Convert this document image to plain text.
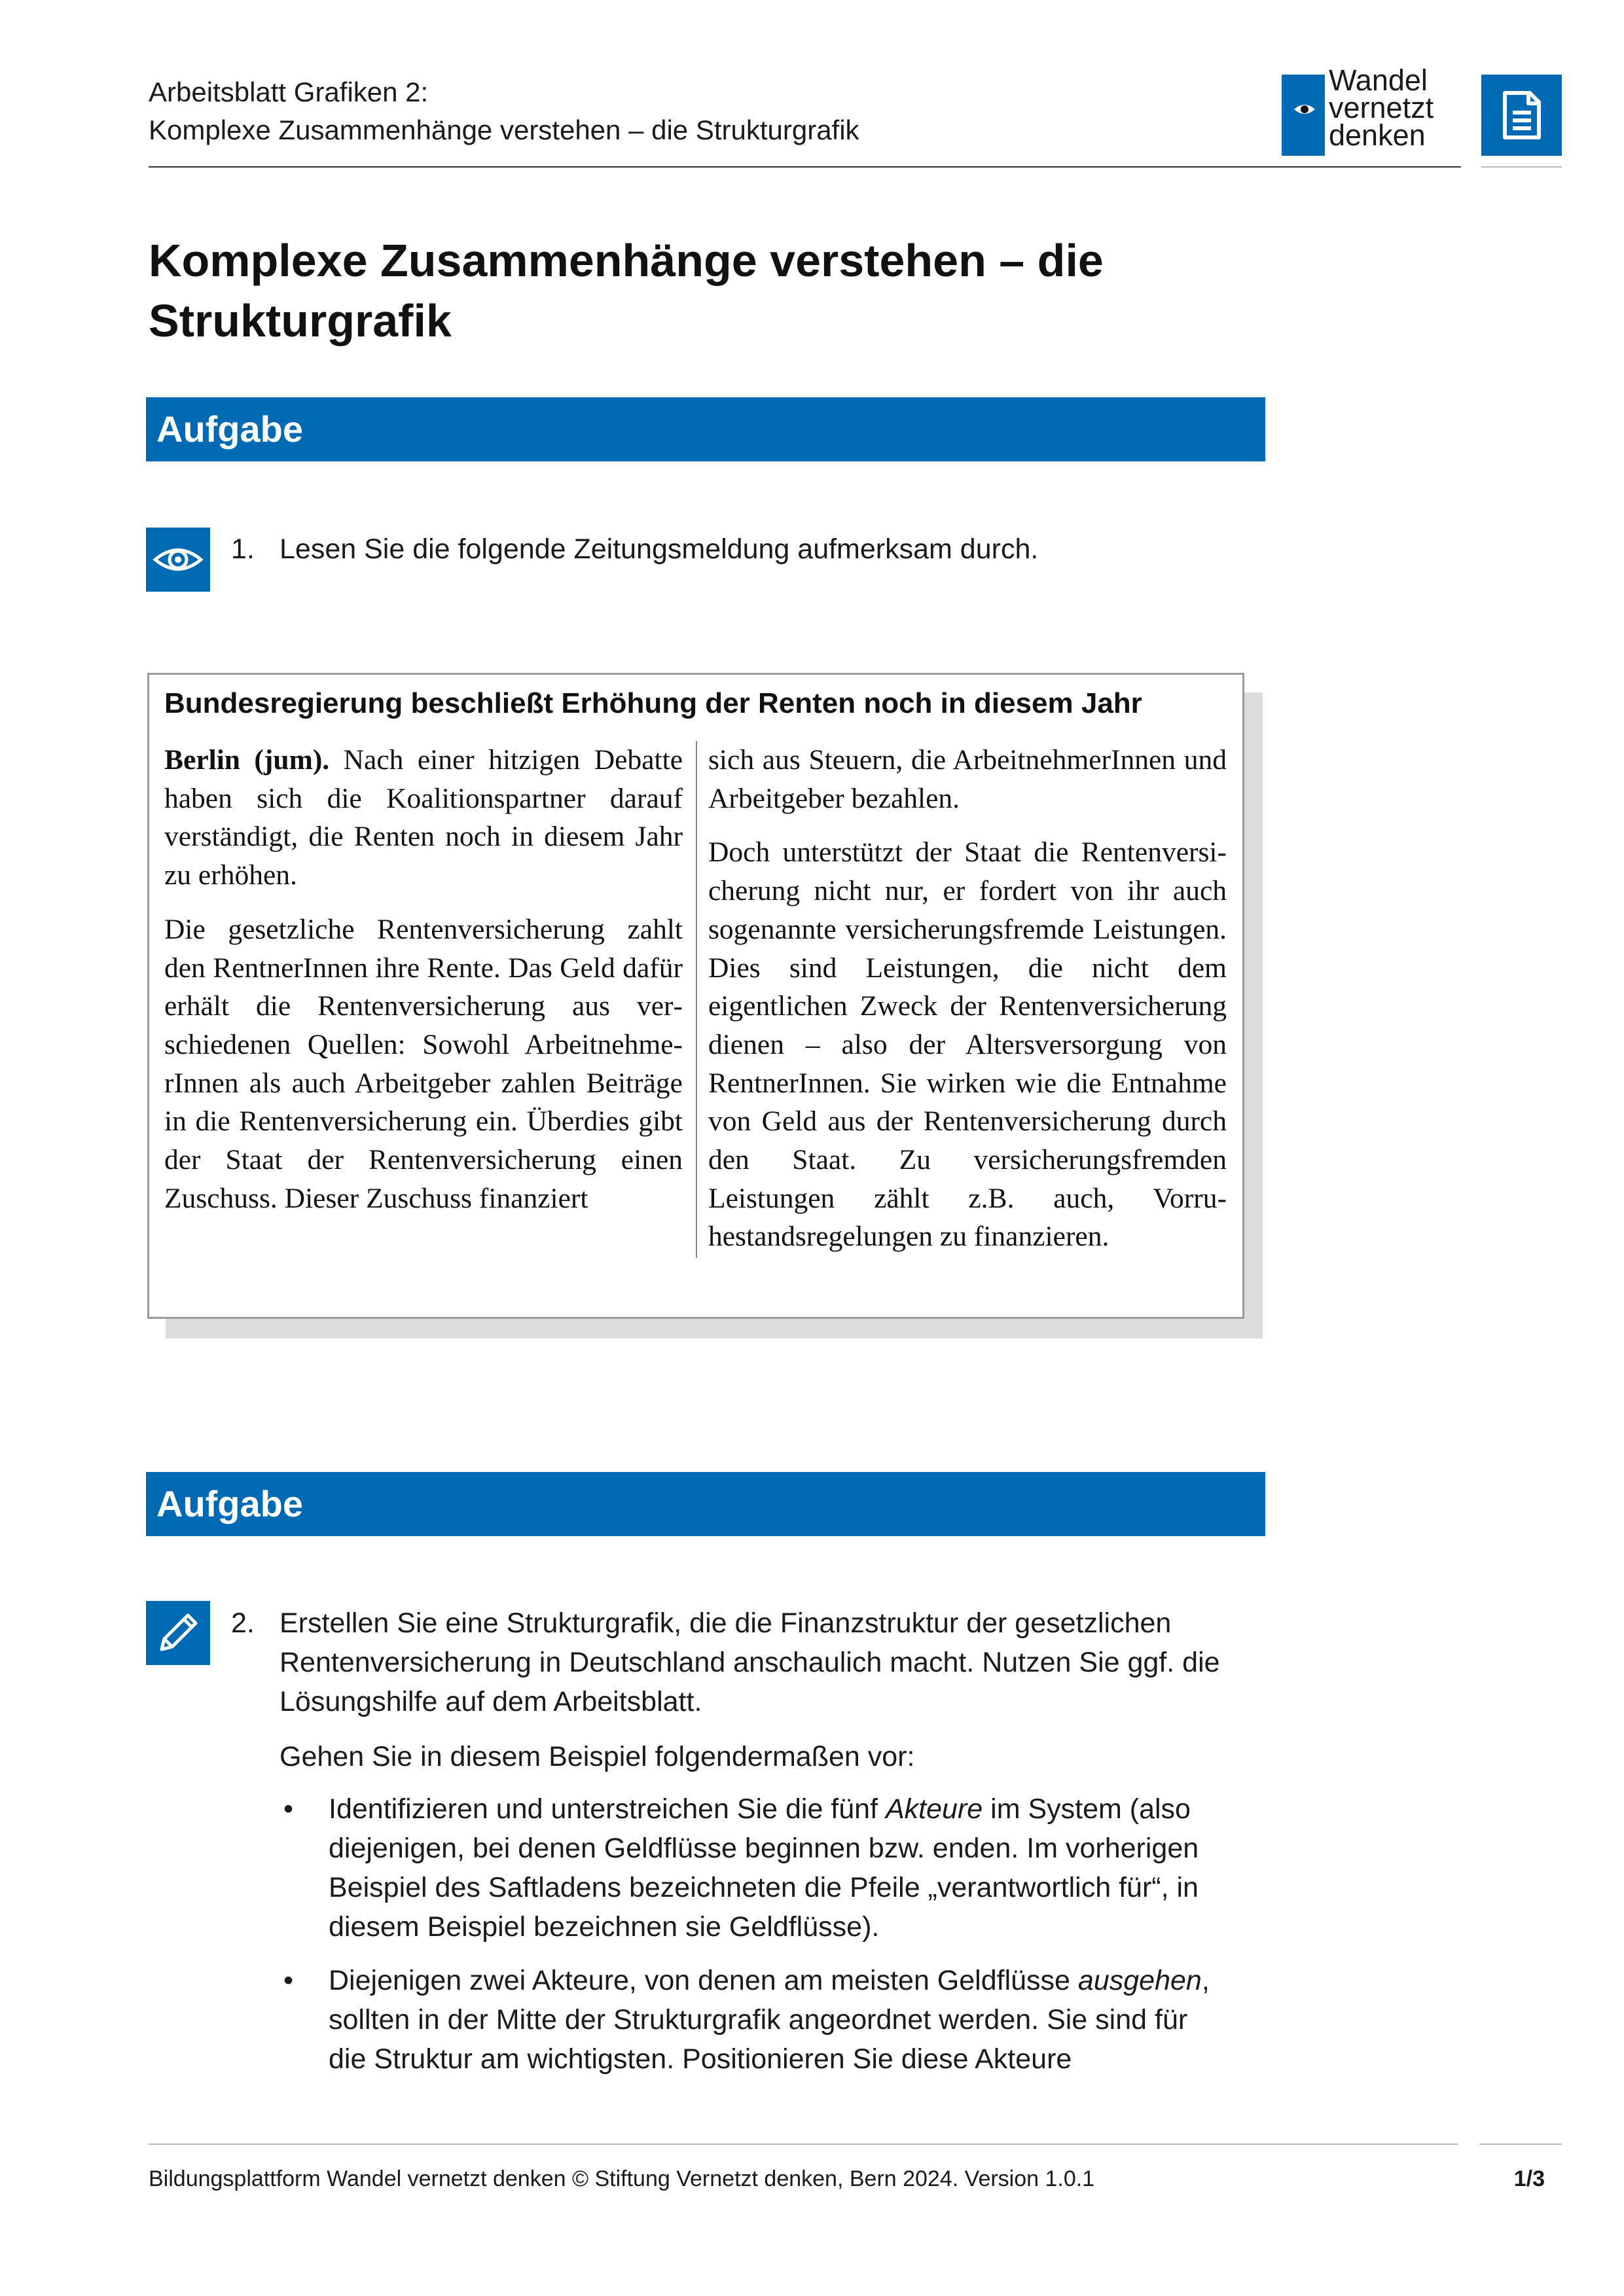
Arbeitsblatt Grafiken 2:
Komplexe Zusammenhänge verstehen – die Strukturgrafik
Wandel
vernetzt
denken
Komplexe Zusammenhänge verstehen – die
Strukturgrafik
Aufgabe
1. Lesen Sie die folgende Zeitungsmeldung aufmerksam durch.
Bundesregierung beschließt Erhöhung der Renten noch in diesem Jahr

Berlin (jum). Nach einer hitzigen Debatte haben sich die Koalitionspartner darauf verständigt, die Renten noch in diesem Jahr zu erhöhen.

Die gesetzliche Rentenversicherung zahlt den RentnerInnen ihre Rente. Das Geld dafür erhält die Rentenversicherung aus verschiedenen Quellen: Sowohl ArbeitnehmerInnen als auch Arbeitgeber zahlen Beiträge in die Rentenversicherung ein. Überdies gibt der Staat der Rentenversicherung einen Zuschuss. Dieser Zuschuss finanziert

sich aus Steuern, die ArbeitnehmerInnen und Arbeitgeber bezahlen.

Doch unterstützt der Staat die Rentenversicherung nicht nur, er fordert von ihr auch sogenannte versicherungsfremde Leistungen. Dies sind Leistungen, die nicht dem eigentlichen Zweck der Rentenversicherung dienen – also der Altersversorgung von RentnerInnen. Sie wirken wie die Entnahme von Geld aus der Rentenversicherung durch den Staat. Zu versicherungsfremden Leistungen zählt z.B. auch, Vorruhestandsregelungen zu finanzieren.

Aufgabe
2. Erstellen Sie eine Strukturgrafik, die die Finanzstruktur der gesetzlichen Rentenversicherung in Deutschland anschaulich macht. Nutzen Sie ggf. die Lösungshilfe auf dem Arbeitsblatt.
Gehen Sie in diesem Beispiel folgendermaßen vor:
• Identifizieren und unterstreichen Sie die fünf Akteure im System (also diejenigen, bei denen Geldflüsse beginnen bzw. enden. Im vorherigen Beispiel des Saftladens bezeichneten die Pfeile „verantwortlich für“, in diesem Beispiel bezeichnen sie Geldflüsse).
• Diejenigen zwei Akteure, von denen am meisten Geldflüsse ausgehen, sollten in der Mitte der Strukturgrafik angeordnet werden. Sie sind für die Struktur am wichtigsten. Positionieren Sie diese Akteure
Bildungsplattform Wandel vernetzt denken © Stiftung Vernetzt denken, Bern 2024. Version 1.0.1	1/3
